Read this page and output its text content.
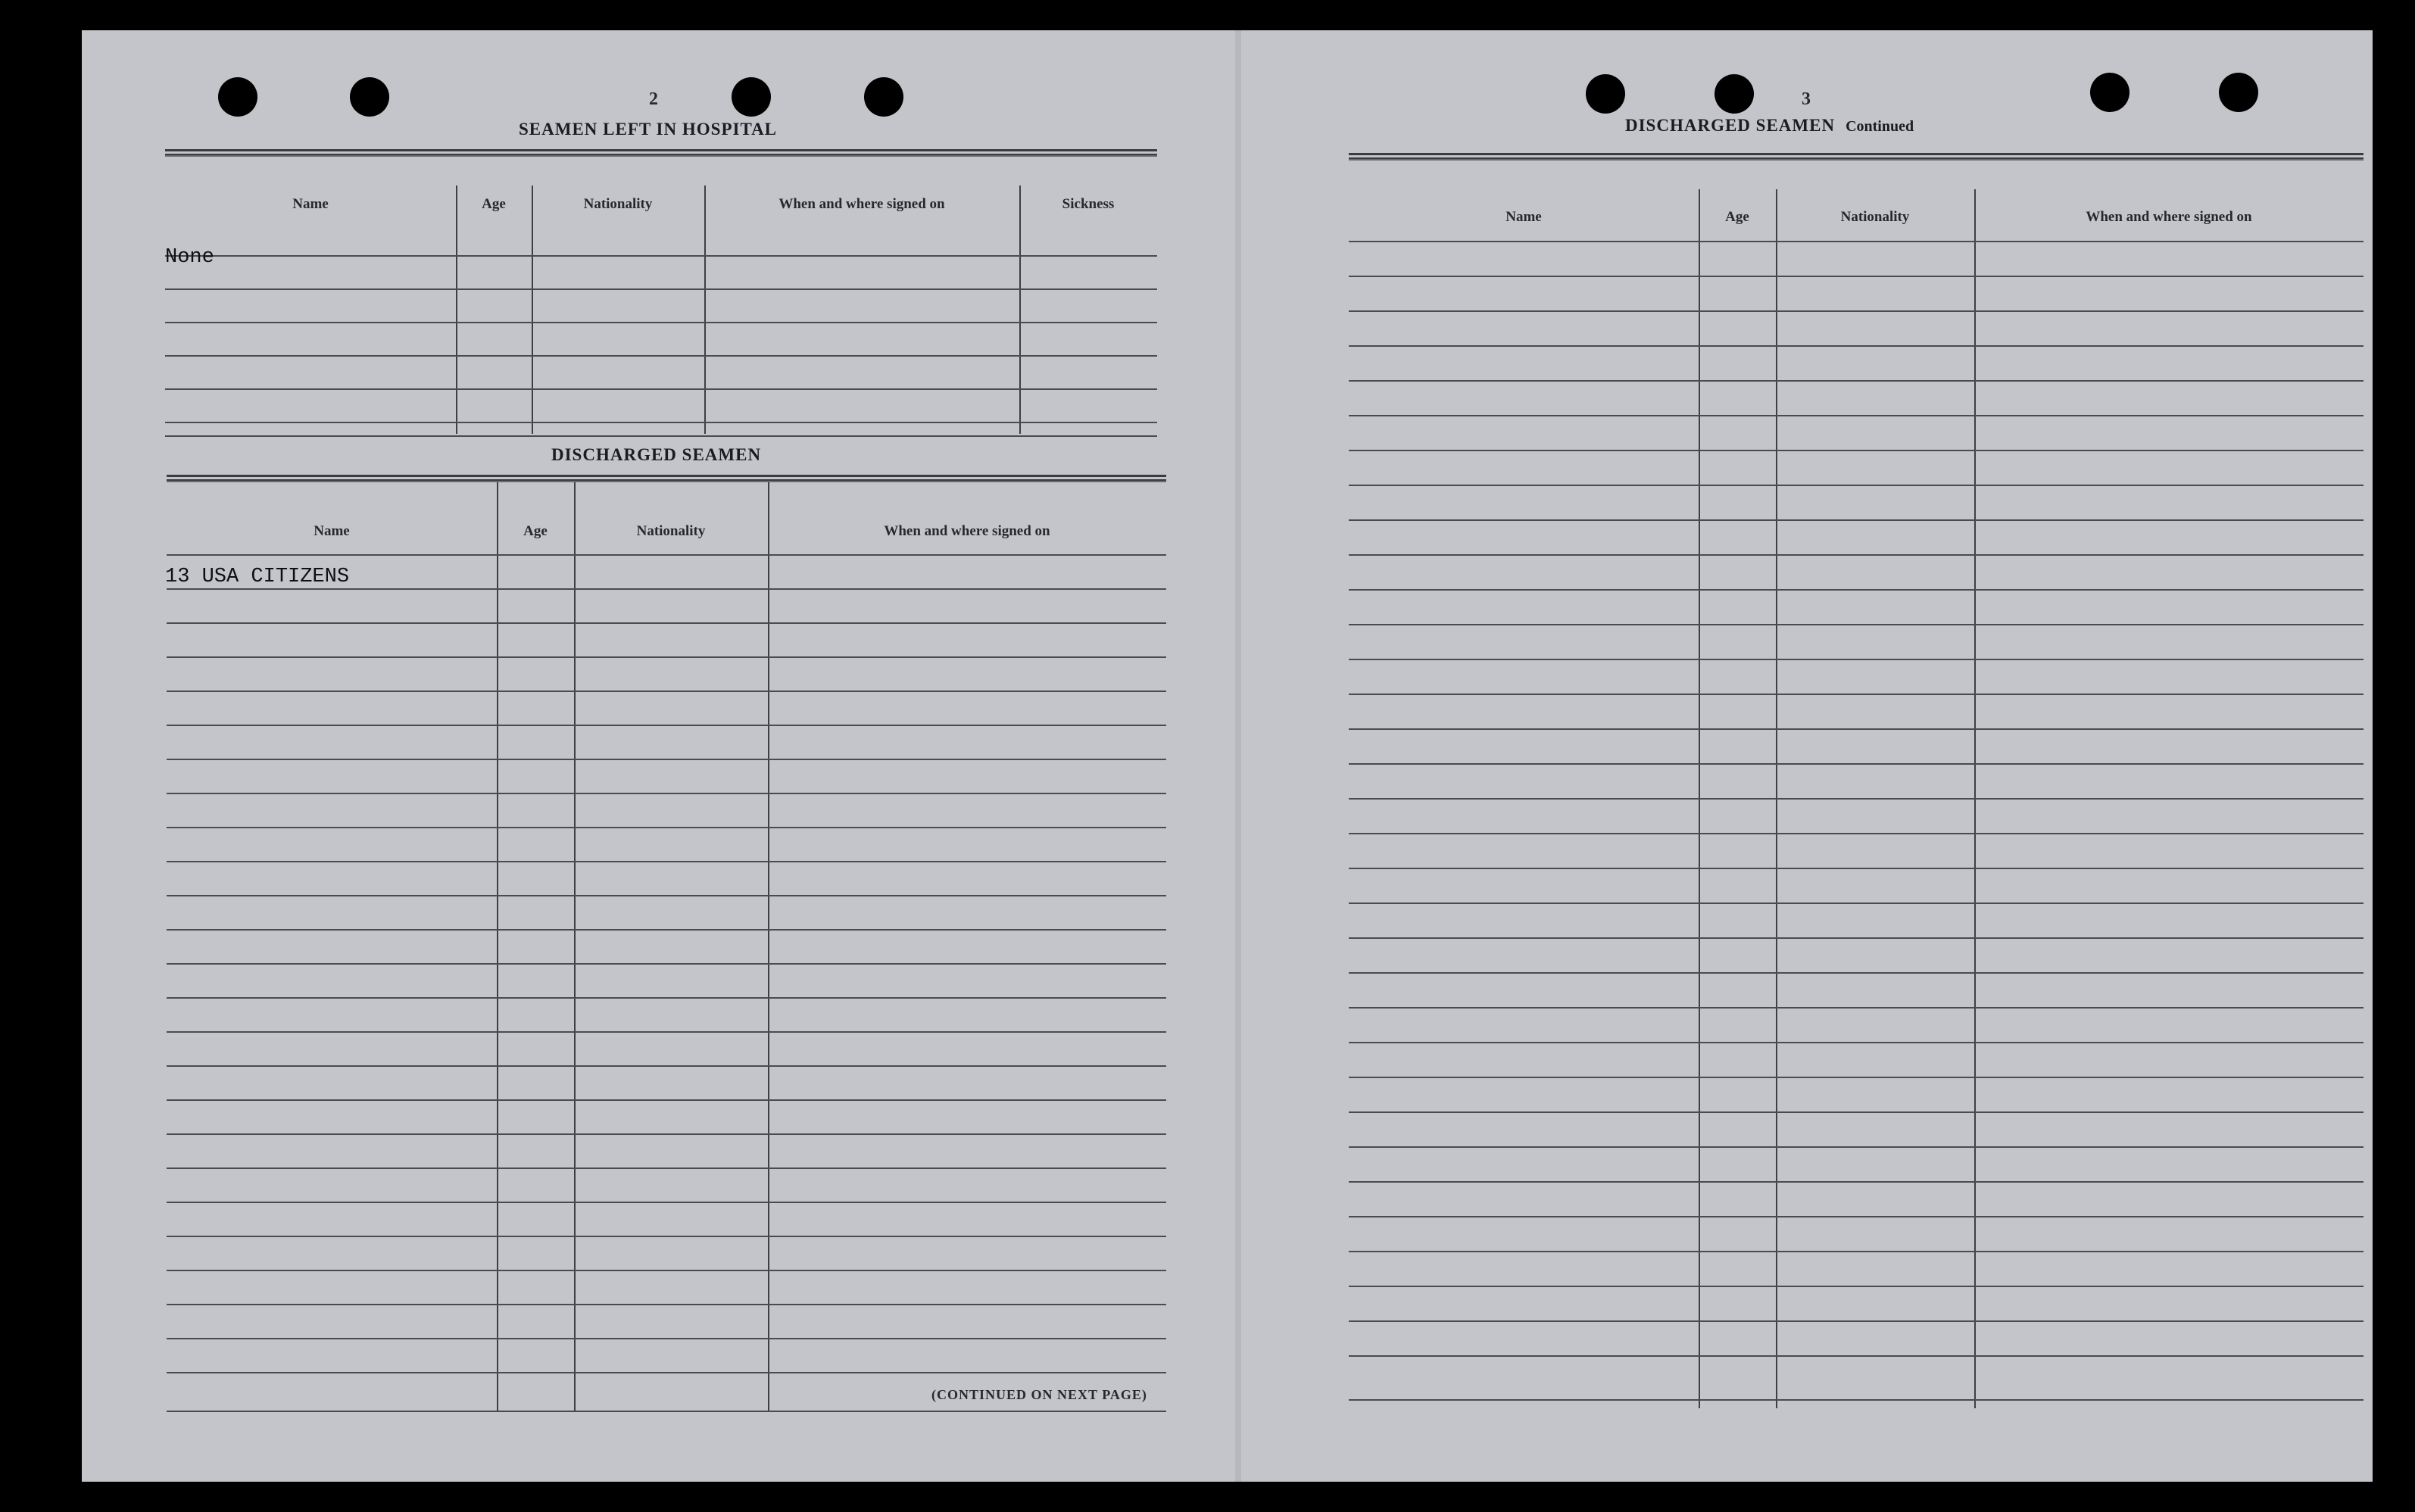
2
SEAMEN LEFT IN HOSPITAL
Name	Age	Nationality	When and where signed on	Sickness
None
DISCHARGED SEAMEN
Name	Age	Nationality	When and where signed on
13 USA CITIZENS
(CONTINUED ON NEXT PAGE)
3
DISCHARGED SEAMEN Continued
Name	Age	Nationality	When and where signed on
